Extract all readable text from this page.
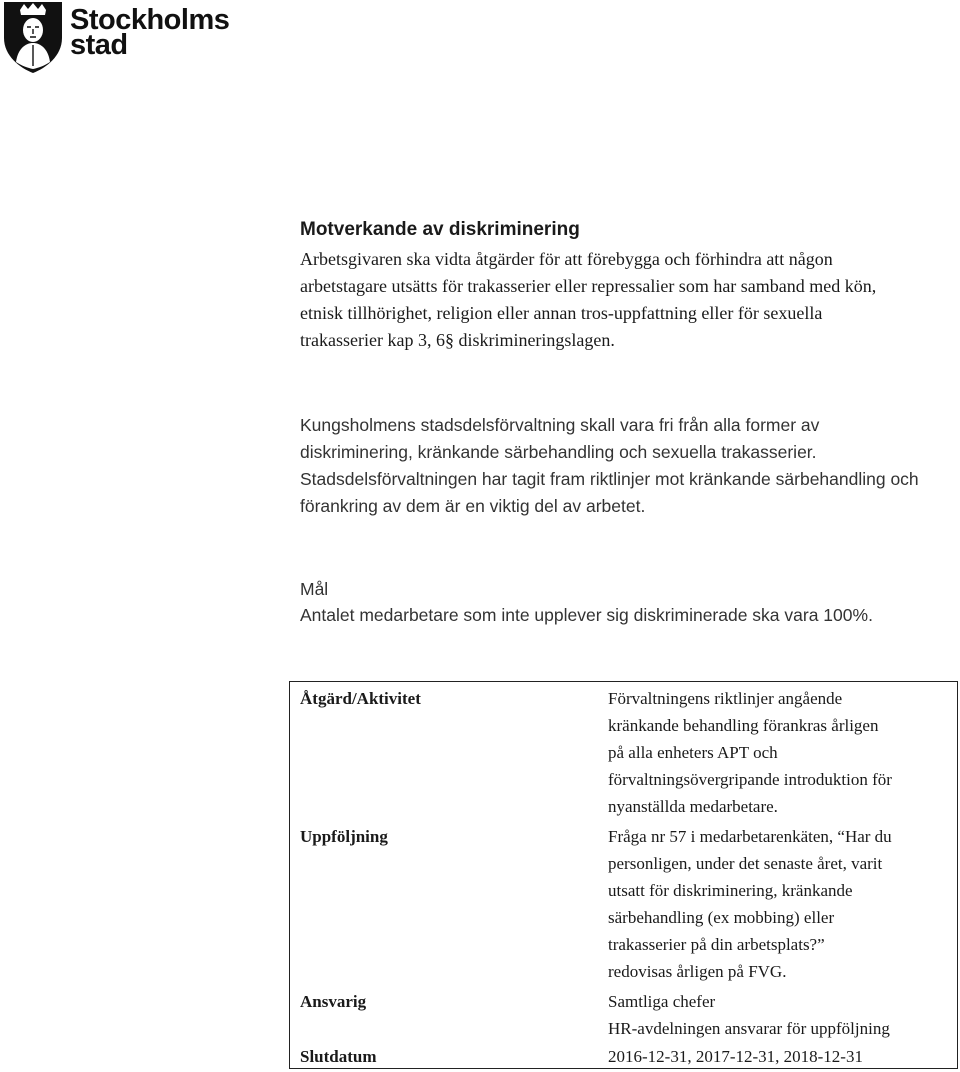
Stockholms
stad
Motverkande av diskriminering

Arbetsgivaren ska vidta åtgärder för att förebygga och förhindra att någon arbetstagare utsätts för trakasserier eller repressalier som har samband med kön, etnisk tillhörighet, religion eller annan tros-uppfattning eller för sexuella trakasserier kap 3, 6§ diskrimineringslagen.

Kungsholmens stadsdelsförvaltning skall vara fri från alla former av diskriminering, kränkande särbehandling och sexuella trakasserier. Stadsdelsförvaltningen har tagit fram riktlinjer mot kränkande särbehandling och förankring av dem är en viktig del av arbetet.

Mål

Antalet medarbetare som inte upplever sig diskriminerade ska vara 100%.

Åtgärd/Aktivitet	Förvaltningens riktlinjer angående
kränkande behandling förankras årligen
på alla enheters APT och
förvaltningsövergripande introduktion för
nyanställda medarbetare.
Uppföljning	Fråga nr 57 i medarbetarenkäten, “Har du
personligen, under det senaste året, varit
utsatt för diskriminering, kränkande
särbehandling (ex mobbing) eller
trakasserier på din arbetsplats?”
redovisas årligen på FVG.
Ansvarig	Samtliga chefer
HR-avdelningen ansvarar för uppföljning
Slutdatum	2016-12-31, 2017-12-31, 2018-12-31
